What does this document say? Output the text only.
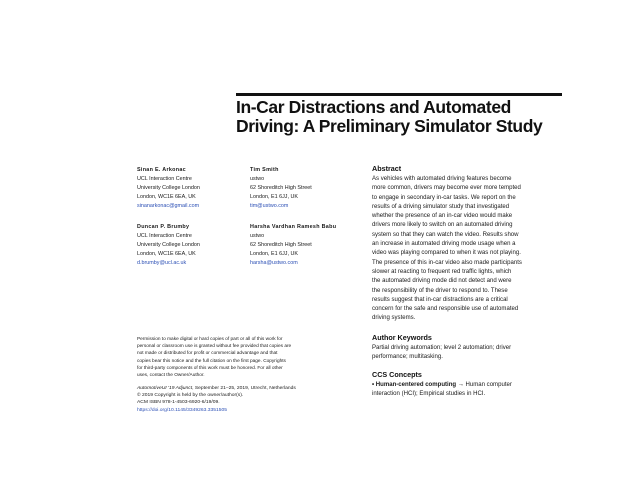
In-Car Distractions and Automated
Driving: A Preliminary Simulator Study
Sinan E. Arkonac
UCL Interaction Centre
University College London
London, WC1E 6EA, UK
sinanarkonac@gmail.com
Tim Smith
ustwo
62 Shoreditch High Street
London, E1 6JJ, UK
tim@ustwo.com
Duncan P. Brumby
UCL Interaction Centre
University College London
London, WC1E 6EA, UK
d.brumby@ucl.ac.uk
Harsha Vardhan Ramesh Babu
ustwo
62 Shoreditch High Street
London, E1 6JJ, UK
harsha@ustwo.com
Abstract

As vehicles with automated driving features become

more common, drivers may become ever more tempted

to engage in secondary in-car tasks. We report on the

results of a driving simulator study that investigated

whether the presence of an in-car video would make

drivers more likely to switch on an automated driving

system so that they can watch the video. Results show

an increase in automated driving mode usage when a

video was playing compared to when it was not playing.

The presence of this in-car video also made participants

slower at reacting to frequent red traffic lights, which

the automated driving mode did not detect and were

the responsibility of the driver to respond to. These

results suggest that in-car distractions are a critical

concern for the safe and responsible use of automated

driving systems.

Author Keywords

Partial driving automation; level 2 automation; driver

performance; multitasking.

CCS Concepts

• Human-centered computing → Human computer

interaction (HCI); Empirical studies in HCI.

Permission to make digital or hard copies of part or all of this work for
personal or classroom use is granted without fee provided that copies are
not made or distributed for profit or commercial advantage and that
copies bear this notice and the full citation on the first page. Copyrights
for third-party components of this work must be honored. For all other
uses, contact the Owner/Author.
AutomotiveUI '19 Adjunct, September 21–25, 2019, Utrecht, Netherlands
© 2019 Copyright is held by the owner/author(s).
ACM ISBN 978-1-4503-6920-6/19/09.
https://doi.org/10.1145/3349263.3351505
